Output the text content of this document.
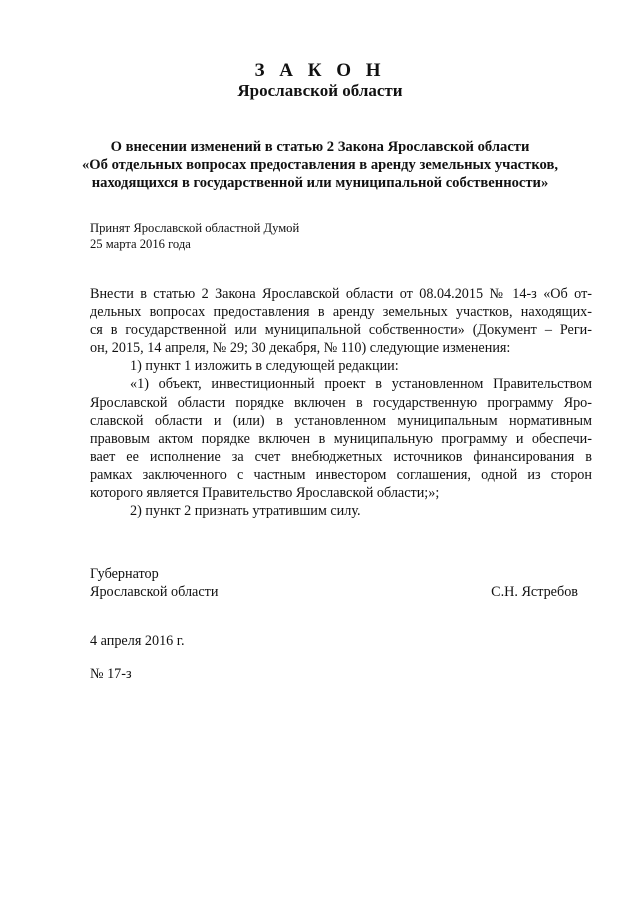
З А К О Н
Ярославской области
О внесении изменений в статью 2 Закона Ярославской области
«Об отдельных вопросах предоставления в аренду земельных участков,
находящихся в государственной или муниципальной собственности»
Принят Ярославской областной Думой
25 марта 2016 года
Внести в статью 2 Закона Ярославской области от 08.04.2015 № 14-з «Об от-
дельных вопросах предоставления в аренду земельных участков, находящих-
ся в государственной или муниципальной собственности» (Документ – Реги-
он, 2015, 14 апреля, № 29; 30 декабря, № 110) следующие изменения:
1) пункт 1 изложить в следующей редакции:
«1) объект, инвестиционный проект в установленном Правительством
Ярославской области порядке включен в государственную программу Яро-
славской области и (или) в установленном муниципальным нормативным
правовым актом порядке включен в муниципальную программу и обеспечи-
вает ее исполнение за счет внебюджетных источников финансирования в
рамках заключенного с частным инвестором соглашения, одной из сторон
которого является Правительство Ярославской области;»;
2) пункт 2 признать утратившим силу.
Губернатор
Ярославской области	С.Н. Ястребов
4 апреля 2016 г.
№ 17-з
